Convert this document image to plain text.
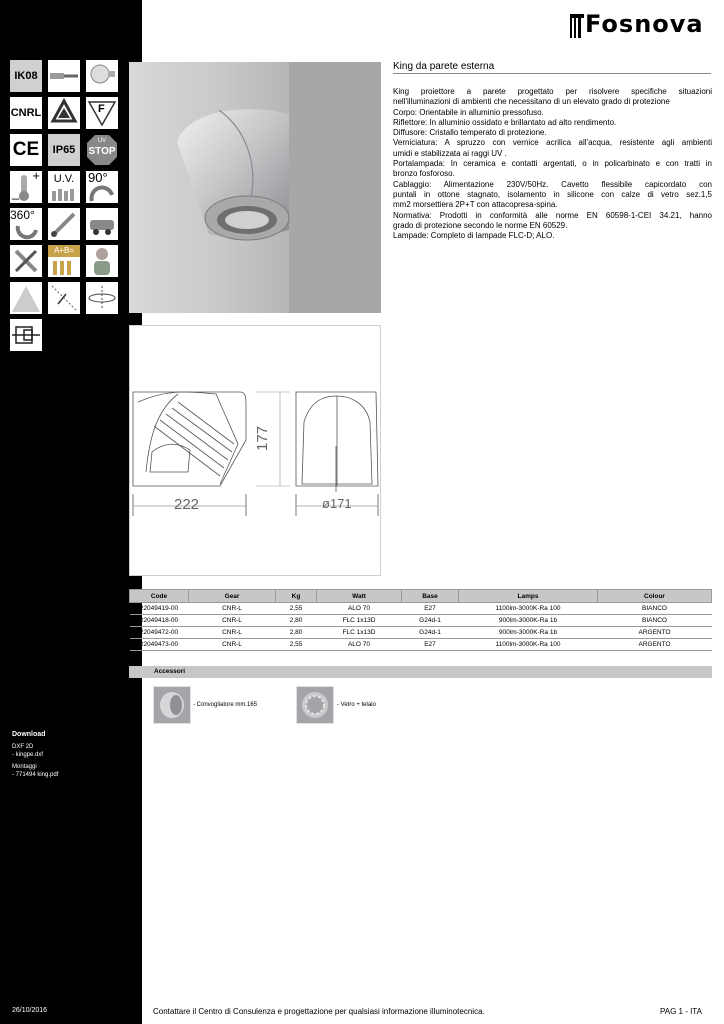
IK08
CNRL	F
CE	IP65
UV
STOP
+
_
U.V.	90°
360°
A+B=
Download
DXF 2D
- kingpe.dxf
Montaggi
- 771494 king.pdf
26/10/2016
Fosnova
King da parete esterna

King proiettore a parete progettato per risolvere specifiche situazioni

nell'illuminazioni di ambienti che necessitano di un elevato grado di protezione

Corpo: Orientabile in alluminio pressofuso.

Riflettore: In alluminio ossidato e brillantato ad alto rendimento.

Diffusore: Cristallo temperato di protezione.

Verniciatura: A spruzzo con vernice acrilica all'acqua, resistente agli ambienti

umidi e stabilizzata ai raggi UV .

Portalampada: In ceramica e contatti argentati, o in policarbinato e con tratti in

bronzo fosforoso.

Cablaggio: Alimentazione 230V/50Hz. Cavetto flessibile capicordato con

puntali in ottone stagnato, isolamento in silicone con calze di vetro sez.1,5

mm2 morsettiera 2P+T con attacopresa-spina.

Normativa: Prodotti in conformità alle norme EN 60598-1-CEI 34.21, hanno

grado di protezione secondo le norme EN 60529.

Lampade: Completo di lampade FLC-D; ALO.

222
177
ø171
Code	Gear	Kg	Watt	Base	Lamps	Colour
22049419-00	CNR-L	2,55	ALO 70	E27	1100lm-3000K-Ra 100	BIANCO
22049418-00	CNR-L	2,80	FLC 1x13D	G24d-1	900lm-3000K-Ra 1b	BIANCO
22049472-00	CNR-L	2,80	FLC 1x13D	G24d-1	900lm-3000K-Ra 1b	ARGENTO
22049473-00	CNR-L	2,55	ALO 70	E27	1100lm-3000K-Ra 100	ARGENTO
Accessori
- Convogliatore mm.165	- Vetro + telaio
Contattare il Centro di Consulenza e progettazione per qualsiasi informazione illuminotecnica.	PAG 1 - ITA
